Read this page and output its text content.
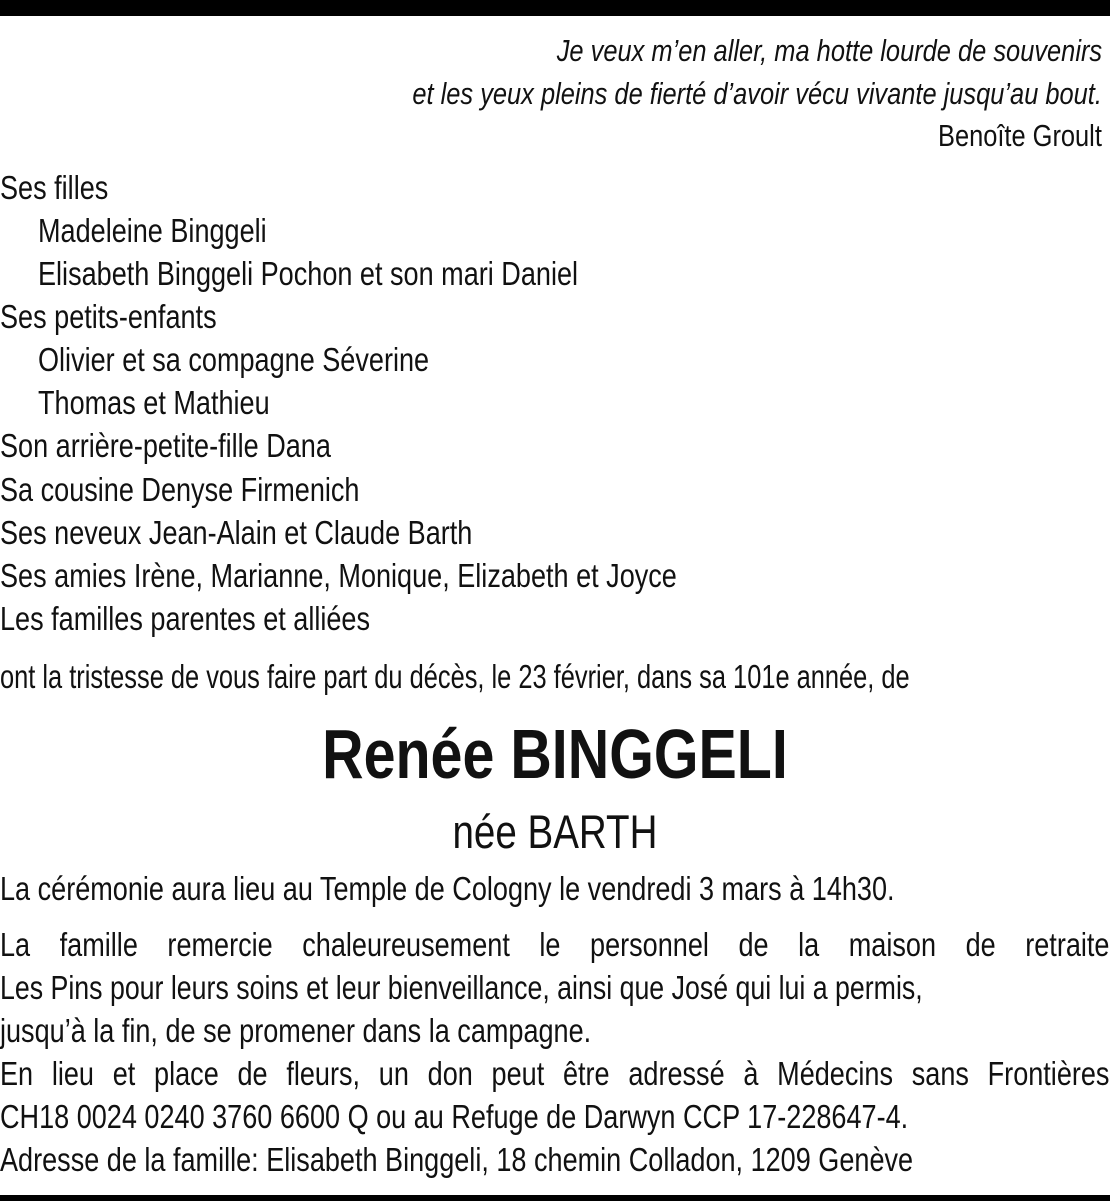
Je veux m’en aller, ma hotte lourde de souvenirs
et les yeux pleins de fierté d’avoir vécu vivante jusqu’au bout.
Benoîte Groult
Ses filles
Madeleine Binggeli
Elisabeth Binggeli Pochon et son mari Daniel
Ses petits-enfants
Olivier et sa compagne Séverine
Thomas et Mathieu
Son arrière-petite-fille Dana
Sa cousine Denyse Firmenich
Ses neveux Jean-Alain et Claude Barth
Ses amies Irène, Marianne, Monique, Elizabeth et Joyce
Les familles parentes et alliées
ont la tristesse de vous faire part du décès, le 23 février, dans sa 101e année, de
Renée BINGGELI
née BARTH
La cérémonie aura lieu au Temple de Cologny le vendredi 3 mars à 14h30.
La famille remercie chaleureusement le personnel de la maison de retraite
Les Pins pour leurs soins et leur bienveillance, ainsi que José qui lui a permis,
jusqu’à la fin, de se promener dans la campagne.
En lieu et place de fleurs, un don peut être adressé à Médecins sans Frontières
CH18 0024 0240 3760 6600 Q ou au Refuge de Darwyn CCP 17-228647-4.
Adresse de la famille: Elisabeth Binggeli, 18 chemin Colladon, 1209 Genève
